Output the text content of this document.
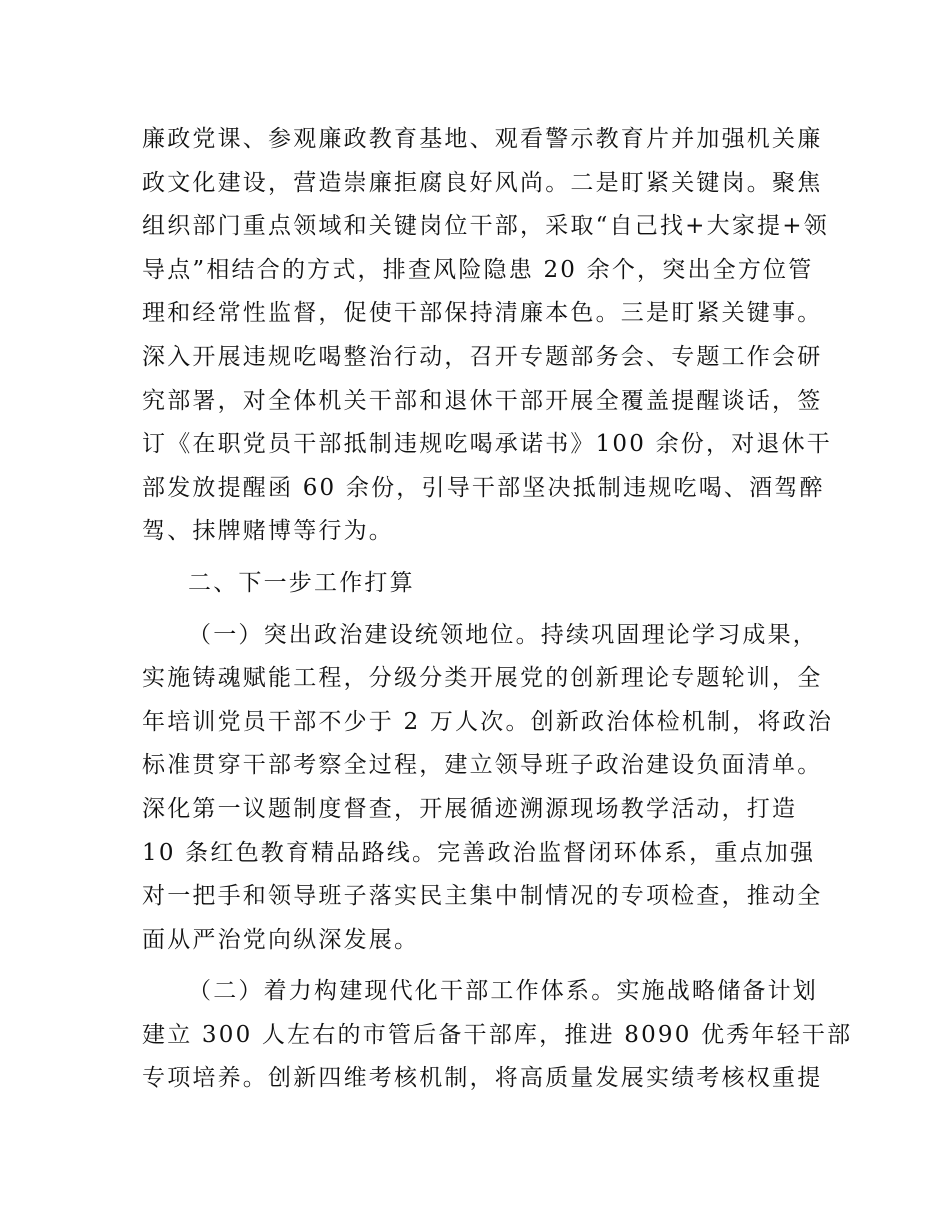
廉政党课、参观廉政教育基地、观看警示教育片并加强机关廉
政文化建设，营造崇廉拒腐良好风尚。二是盯紧关键岗。聚焦
组织部门重点领域和关键岗位干部，采取“自己找+大家提+领
导点”相结合的方式，排查风险隐患 20 余个，突出全方位管
理和经常性监督，促使干部保持清廉本色。三是盯紧关键事。
深入开展违规吃喝整治行动，召开专题部务会、专题工作会研
究部署，对全体机关干部和退休干部开展全覆盖提醒谈话，签
订《在职党员干部抵制违规吃喝承诺书》100 余份，对退休干
部发放提醒函 60 余份，引导干部坚决抵制违规吃喝、酒驾醉
驾、抹牌赌博等行为。
二、下一步工作打算
（一）突出政治建设统领地位。持续巩固理论学习成果，
实施铸魂赋能工程，分级分类开展党的创新理论专题轮训，全
年培训党员干部不少于 2 万人次。创新政治体检机制，将政治
标准贯穿干部考察全过程，建立领导班子政治建设负面清单。
深化第一议题制度督查，开展循迹溯源现场教学活动，打造
10 条红色教育精品路线。完善政治监督闭环体系，重点加强
对一把手和领导班子落实民主集中制情况的专项检查，推动全
面从严治党向纵深发展。
（二）着力构建现代化干部工作体系。实施战略储备计划
建立 300 人左右的市管后备干部库，推进 8090 优秀年轻干部
专项培养。创新四维考核机制，将高质量发展实绩考核权重提
